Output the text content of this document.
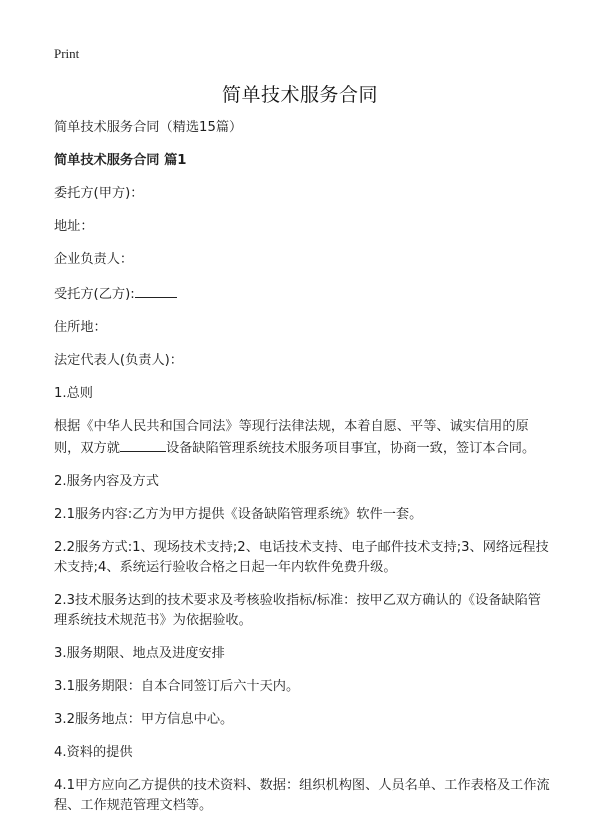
Print
简单技术服务合同

简单技术服务合同（精选15篇）

简单技术服务合同 篇1

委托方(甲方)：

地址：

企业负责人：

受托方(乙方):

住所地：

法定代表人(负责人)：

1.总则

根据《中华人民共和国合同法》等现行法律法规，本着自愿、平等、诚实信用的原则，双方就	设备缺陷管理系统技术服务项目事宜，协商一致，签订本合同。

2.服务内容及方式

2.1服务内容:乙方为甲方提供《设备缺陷管理系统》软件一套。

2.2服务方式:1、现场技术支持;2、电话技术支持、电子邮件技术支持;3、网络远程技术支持;4、系统运行验收合格之日起一年内软件免费升级。

2.3技术服务达到的技术要求及考核验收指标/标准：按甲乙双方确认的《设备缺陷管理系统技术规范书》为依据验收。

3.服务期限、地点及进度安排

3.1服务期限：自本合同签订后六十天内。

3.2服务地点：甲方信息中心。

4.资料的提供

4.1甲方应向乙方提供的技术资料、数据：组织机构图、人员名单、工作表格及工作流程、工作规范管理文档等。
